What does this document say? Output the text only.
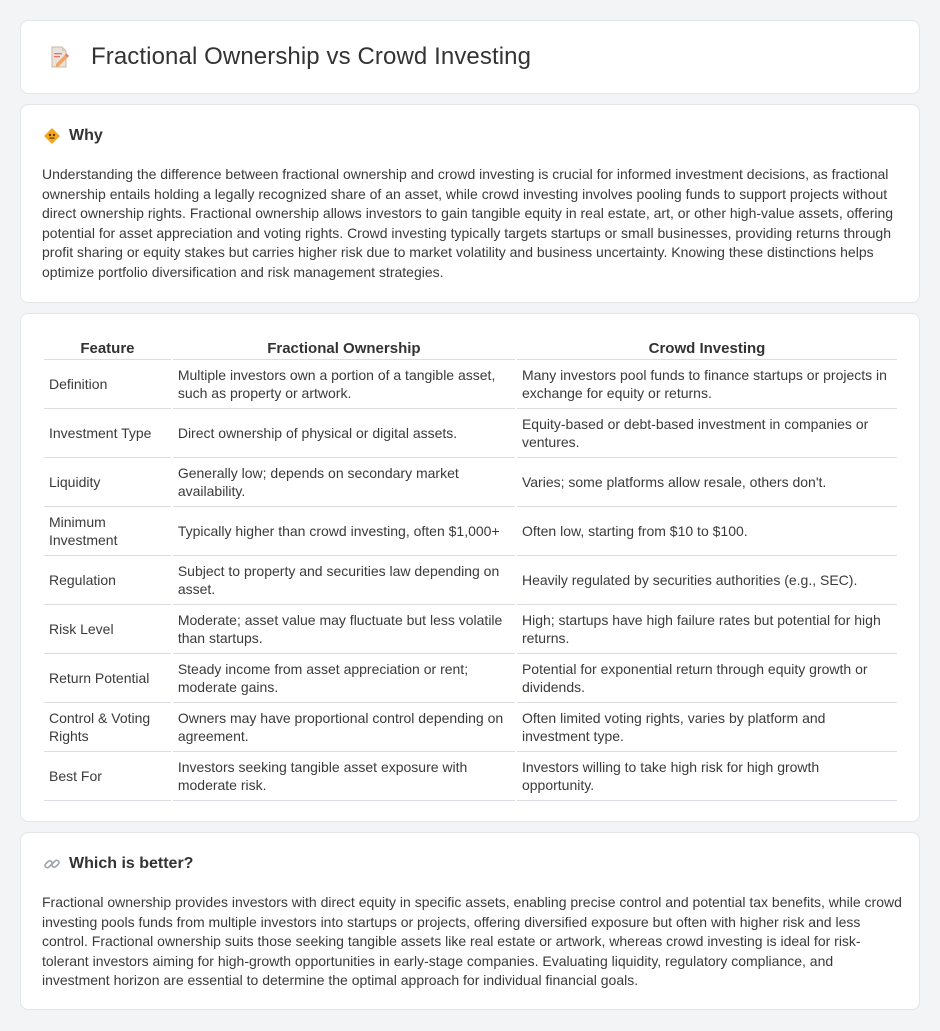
Fractional Ownership vs Crowd Investing
Why

Understanding the difference between fractional ownership and crowd investing is crucial for informed investment decisions, as fractional ownership entails holding a legally recognized share of an asset, while crowd investing involves pooling funds to support projects without direct ownership rights. Fractional ownership allows investors to gain tangible equity in real estate, art, or other high-value assets, offering potential for asset appreciation and voting rights. Crowd investing typically targets startups or small businesses, providing returns through profit sharing or equity stakes but carries higher risk due to market volatility and business uncertainty. Knowing these distinctions helps optimize portfolio diversification and risk management strategies.

Feature	Fractional Ownership	Crowd Investing
Definition	Multiple investors own a portion of a tangible asset, such as property or artwork.	Many investors pool funds to finance startups or projects in exchange for equity or returns.
Investment Type	Direct ownership of physical or digital assets.	Equity-based or debt-based investment in companies or ventures.
Liquidity	Generally low; depends on secondary market availability.	Varies; some platforms allow resale, others don't.
Minimum Investment	Typically higher than crowd investing, often $1,000+	Often low, starting from $10 to $100.
Regulation	Subject to property and securities law depending on asset.	Heavily regulated by securities authorities (e.g., SEC).
Risk Level	Moderate; asset value may fluctuate but less volatile than startups.	High; startups have high failure rates but potential for high returns.
Return Potential	Steady income from asset appreciation or rent; moderate gains.	Potential for exponential return through equity growth or dividends.
Control & Voting Rights	Owners may have proportional control depending on agreement.	Often limited voting rights, varies by platform and investment type.
Best For	Investors seeking tangible asset exposure with moderate risk.	Investors willing to take high risk for high growth opportunity.
Which is better?

Fractional ownership provides investors with direct equity in specific assets, enabling precise control and potential tax benefits, while crowd investing pools funds from multiple investors into startups or projects, offering diversified exposure but often with higher risk and less control. Fractional ownership suits those seeking tangible assets like real estate or artwork, whereas crowd investing is ideal for risk-tolerant investors aiming for high-growth opportunities in early-stage companies. Evaluating liquidity, regulatory compliance, and investment horizon are essential to determine the optimal approach for individual financial goals.
